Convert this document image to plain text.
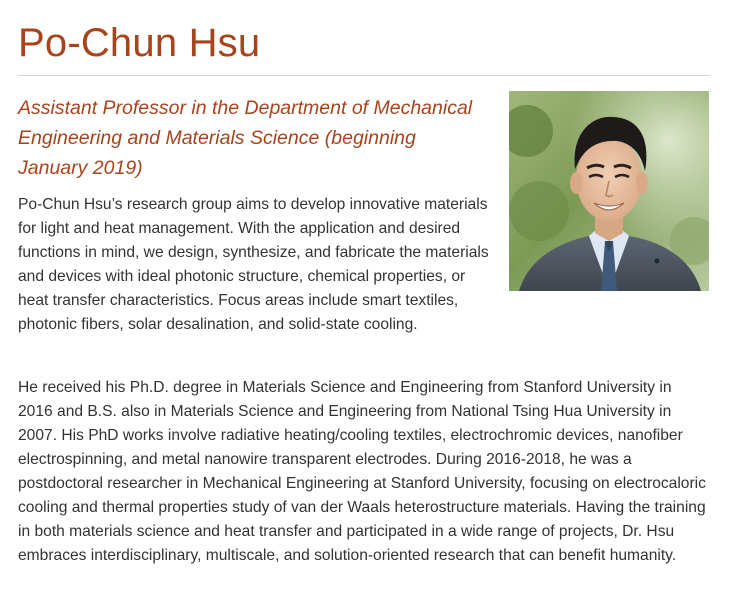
Po-Chun Hsu
Assistant Professor in the Department of Mechanical Engineering and Materials Science (beginning January 2019)

Po-Chun Hsu’s research group aims to develop innovative materials for light and heat management. With the application and desired functions in mind, we design, synthesize, and fabricate the materials and devices with ideal photonic structure, chemical properties, or heat transfer characteristics. Focus areas include smart textiles, photonic fibers, solar desalination, and solid-state cooling.

He received his Ph.D. degree in Materials Science and Engineering from Stanford University in 2016 and B.S. also in Materials Science and Engineering from National Tsing Hua University in 2007. His PhD works involve radiative heating/cooling textiles, electrochromic devices, nanofiber electrospinning, and metal nanowire transparent electrodes. During 2016-2018, he was a postdoctoral researcher in Mechanical Engineering at Stanford University, focusing on electrocaloric cooling and thermal properties study of van der Waals heterostructure materials. Having the training in both materials science and heat transfer and participated in a wide range of projects, Dr. Hsu embraces interdisciplinary, multiscale, and solution-oriented research that can benefit humanity.
